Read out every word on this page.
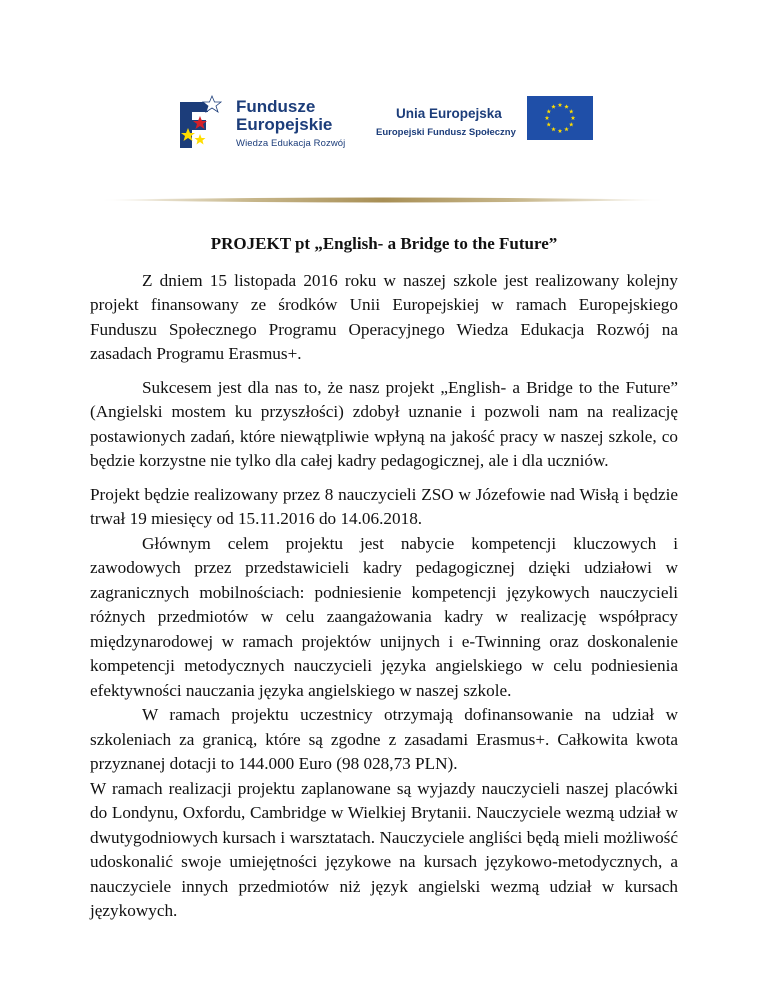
Fundusze
Europejskie
Wiedza Edukacja Rozwój
Unia Europejska
Europejski Fundusz Społeczny

PROJEKT pt „English- a Bridge to the Future”

Z dniem 15 listopada 2016 roku w naszej szkole jest realizowany kolejny projekt finansowany ze środków Unii Europejskiej w ramach Europejskiego Funduszu Społecznego Programu Operacyjnego Wiedza Edukacja Rozwój na zasadach Programu Erasmus+.

Sukcesem jest dla nas to, że nasz projekt „English- a Bridge to the Future” (Angielski mostem ku przyszłości) zdobył uznanie i pozwoli nam na realizację postawionych zadań, które niewątpliwie wpłyną na jakość pracy w naszej szkole, co będzie korzystne nie tylko dla całej kadry pedagogicznej, ale i dla uczniów.

Projekt będzie realizowany przez 8 nauczycieli ZSO w Józefowie nad Wisłą i będzie trwał 19 miesięcy od 15.11.2016 do 14.06.2018.

Głównym celem projektu jest nabycie kompetencji kluczowych i zawodowych przez przedstawicieli kadry pedagogicznej dzięki udziałowi w zagranicznych mobilnościach: podniesienie kompetencji językowych nauczycieli różnych przedmiotów w celu zaangażowania kadry w realizację współpracy międzynarodowej w ramach projektów unijnych i e-Twinning oraz doskonalenie kompetencji metodycznych nauczycieli języka angielskiego w celu podniesienia efektywności nauczania języka angielskiego w naszej szkole.

W ramach projektu uczestnicy otrzymają dofinansowanie na udział w szkoleniach za granicą, które są zgodne z zasadami Erasmus+. Całkowita kwota przyznanej dotacji to 144.000 Euro (98 028,73 PLN).

W ramach realizacji projektu zaplanowane są wyjazdy nauczycieli naszej placówki do Londynu, Oxfordu, Cambridge w Wielkiej Brytanii. Nauczyciele wezmą udział w dwutygodniowych kursach i warsztatach. Nauczyciele angliści będą mieli możliwość udoskonalić swoje umiejętności językowe na kursach językowo-metodycznych, a nauczyciele innych przedmiotów niż język angielski wezmą udział w kursach językowych.
